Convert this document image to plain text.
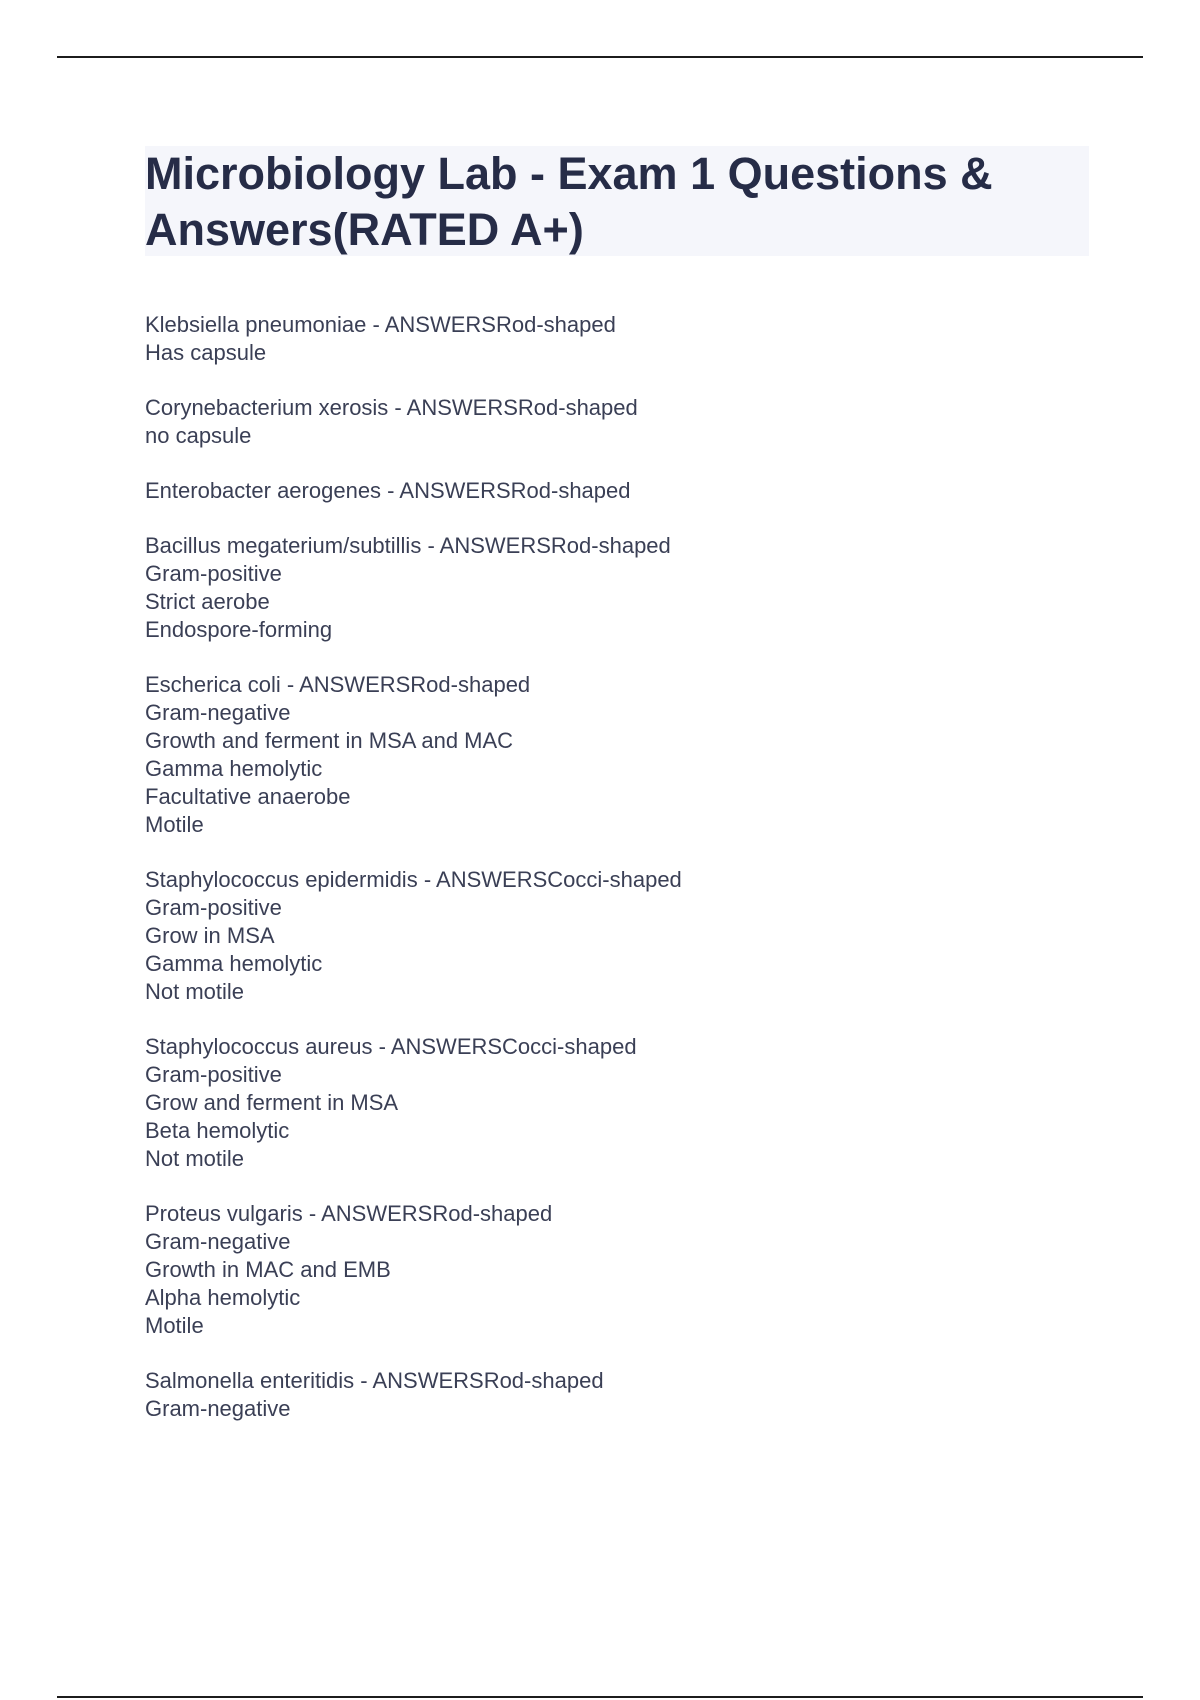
Microbiology Lab - Exam 1 Questions &
Answers(RATED A+)
Klebsiella pneumoniae - ANSWERSRod-shaped
Has capsule
Corynebacterium xerosis - ANSWERSRod-shaped
no capsule
Enterobacter aerogenes - ANSWERSRod-shaped
Bacillus megaterium/subtillis - ANSWERSRod-shaped
Gram-positive
Strict aerobe
Endospore-forming
Escherica coli - ANSWERSRod-shaped
Gram-negative
Growth and ferment in MSA and MAC
Gamma hemolytic
Facultative anaerobe
Motile
Staphylococcus epidermidis - ANSWERSCocci-shaped
Gram-positive
Grow in MSA
Gamma hemolytic
Not motile
Staphylococcus aureus - ANSWERSCocci-shaped
Gram-positive
Grow and ferment in MSA
Beta hemolytic
Not motile
Proteus vulgaris - ANSWERSRod-shaped
Gram-negative
Growth in MAC and EMB
Alpha hemolytic
Motile
Salmonella enteritidis - ANSWERSRod-shaped
Gram-negative
